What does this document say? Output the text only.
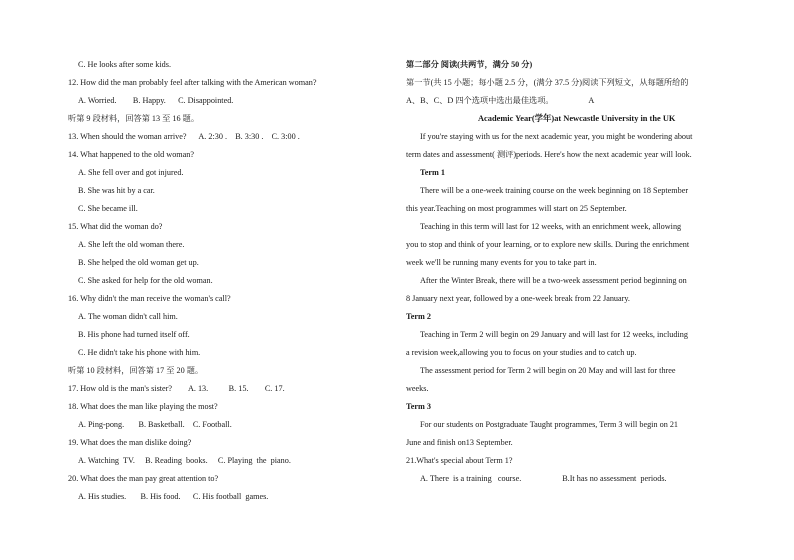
C. He looks after some kids.
12. How did the man probably feel after talking with the American woman?
A. Worried.        B. Happy.      C. Disappointed.
听第 9 段材料，回答第 13 至 16 题。
13. When should the woman arrive?      A. 2:30 .    B. 3:30 .    C. 3:00 .
14. What happened to the old woman?
A. She fell over and got injured.
B. She was hit by a car.
C. She became ill.
15. What did the woman do?
A. She left the old woman there.
B. She helped the old woman get up.
C. She asked for help for the old woman.
16. Why didn't the man receive the woman's call?
A. The woman didn't call him.
B. His phone had turned itself off.
C. He didn't take his phone with him.
听第 10 段材料，回答第 17 至 20 题。
17. How old is the man's sister?        A. 13.          B. 15.        C. 17.
18. What does the man like playing the most?
A. Ping-pong.       B. Basketball.    C. Football.
19. What does the man dislike doing?
A. Watching  TV.     B. Reading  books.     C. Playing  the  piano.
20. What does the man pay great attention to?
A. His studies.       B. His food.      C. His football  games.
第二部分 阅读(共两节，满分 50 分)
第一节(共 15 小题；每小题 2.5 分，(满分 37.5 分)阅读下列短文，从每题所给的
A、B、C、D 四个选项中选出最佳选项。                 A
Academic Year(学年)at Newcastle University in the UK
If you're staying with us for the next academic year, you might be wondering about
term dates and assessment( 测评)periods. Here's how the next academic year will look.
Term 1
There will be a one-week training course on the week beginning on 18 September
this year.Teaching on most programmes will start on 25 September.
Teaching in this term will last for 12 weeks, with an enrichment week, allowing
you to stop and think of your learning, or to explore new skills. During the enrichment
week we'll be running many events for you to take part in.
After the Winter Break, there will be a two-week assessment period beginning on
8 January next year, followed by a one-week break from 22 January.
Term 2
Teaching in Term 2 will begin on 29 January and will last for 12 weeks, including
a revision week,allowing you to focus on your studies and to catch up.
The assessment period for Term 2 will begin on 20 May and will last for three
weeks.
Term 3
For our students on Postgraduate Taught programmes, Term 3 will begin on 21
June and finish on13 September.
21.What's special about Term 1?
A. There  is a training   course.                    B.It has no assessment  periods.
